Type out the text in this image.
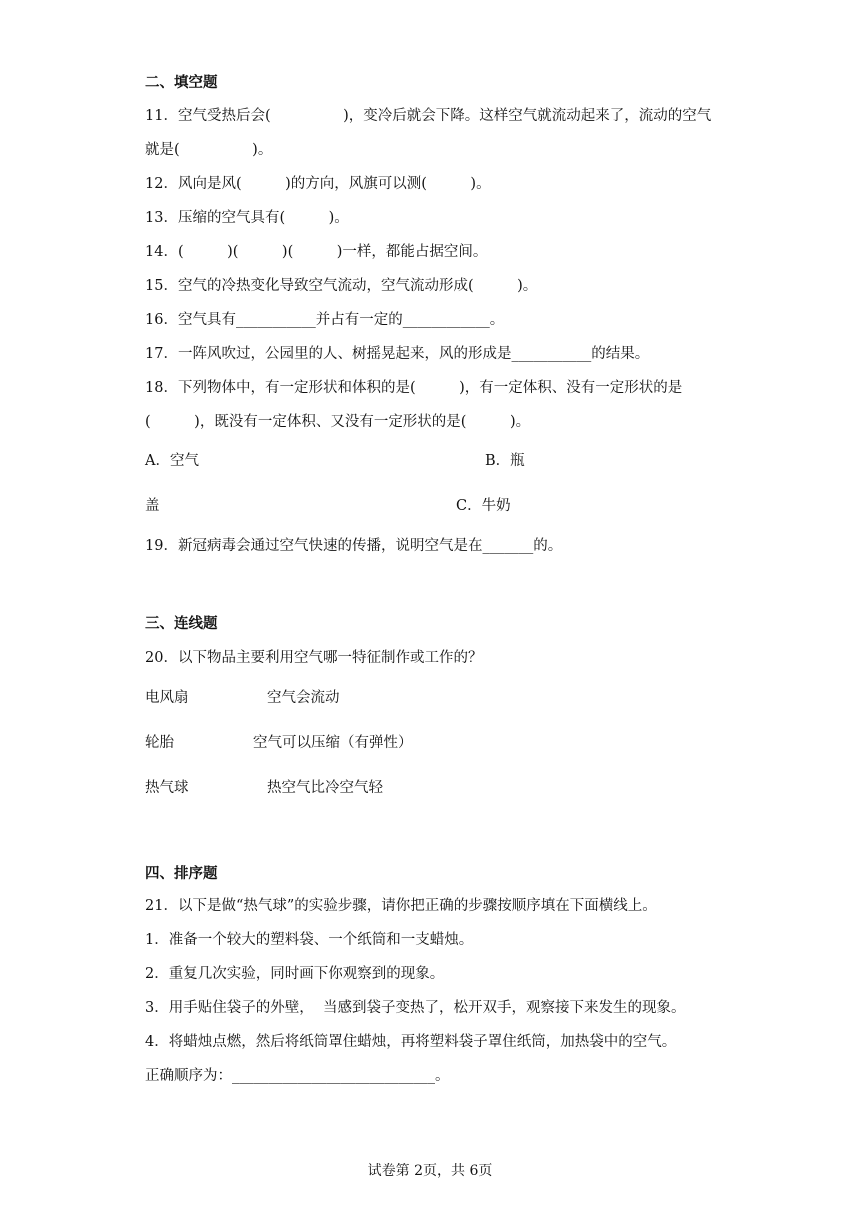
二、填空题
11．空气受热后会(　　　　　)，变冷后就会下降。这样空气就流动起来了，流动的空气
就是(　　　　　)。
12．风向是风(　　　)的方向，风旗可以测(　　　)。
13．压缩的空气具有(　　　)。
14．(　　　)(　　　)(　　　)一样，都能占据空间。
15．空气的冷热变化导致空气流动，空气流动形成(　　　)。
16．空气具有___________并占有一定的____________。
17．一阵风吹过，公园里的人、树摇晃起来，风的形成是___________的结果。
18．下列物体中，有一定形状和体积的是(　　　)，有一定体积、没有一定形状的是
(　　　)，既没有一定体积、又没有一定形状的是(　　　)。
A．空气	B．瓶
盖	C．牛奶
19．新冠病毒会通过空气快速的传播，说明空气是在_______的。
三、连线题
20．以下物品主要利用空气哪一特征制作或工作的？
电风扇	空气会流动
轮胎	空气可以压缩（有弹性）
热气球	热空气比冷空气轻
四、排序题
21．以下是做“热气球”的实验步骤，请你把正确的步骤按顺序填在下面横线上。
1．准备一个较大的塑料袋、一个纸筒和一支蜡烛。
2．重复几次实验，同时画下你观察到的现象。
3．用手贴住袋子的外壁，  当感到袋子变热了，松开双手，观察接下来发生的现象。
4．将蜡烛点燃，然后将纸筒罩住蜡烛，再将塑料袋子罩住纸筒，加热袋中的空气。
正确顺序为：____________________________。
试卷第 2页，共 6页
